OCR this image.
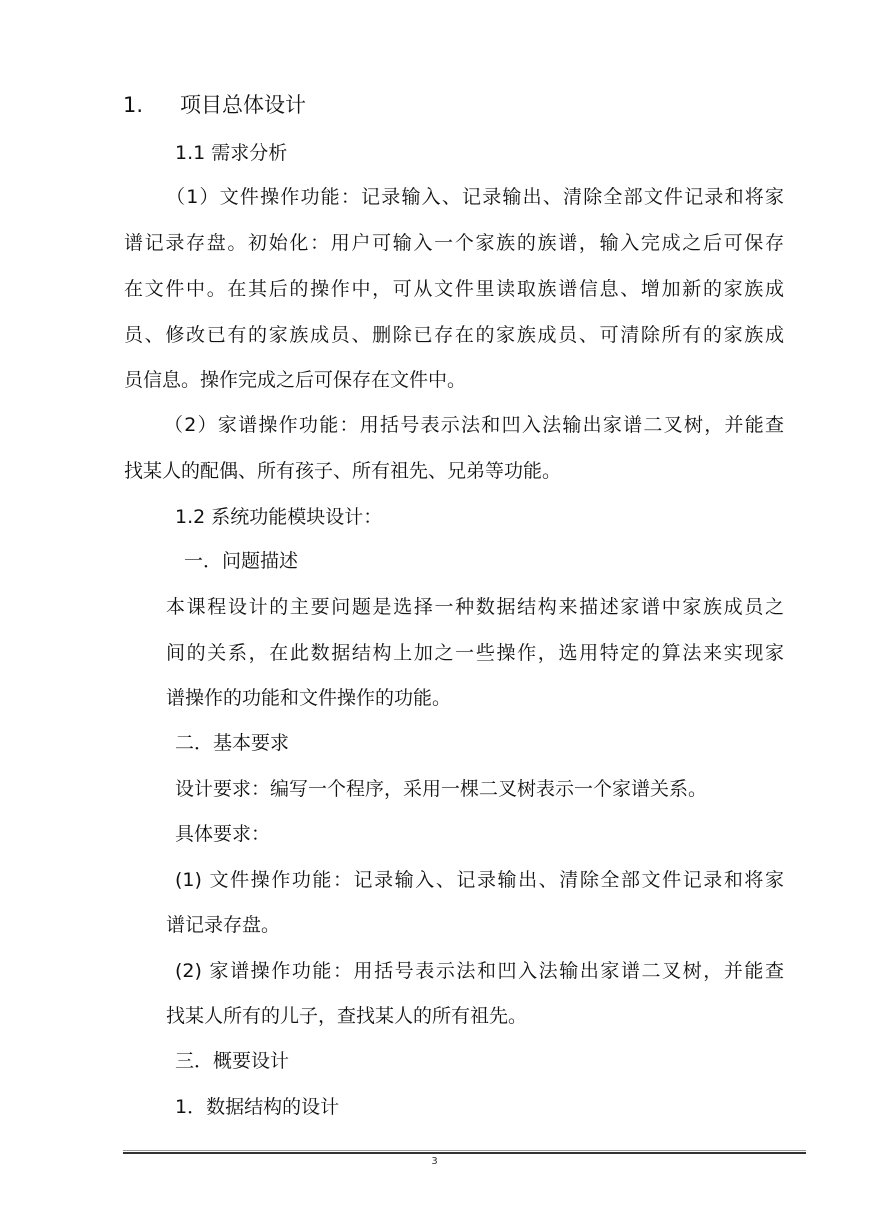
1. 项目总体设计
1.1 需求分析
（1）文件操作功能：记录输入、记录输出、清除全部文件记录和将家
谱记录存盘。初始化：用户可输入一个家族的族谱，输入完成之后可保存
在文件中。在其后的操作中，可从文件里读取族谱信息、增加新的家族成
员、修改已有的家族成员、删除已存在的家族成员、可清除所有的家族成
员信息。操作完成之后可保存在文件中。
（2）家谱操作功能：用括号表示法和凹入法输出家谱二叉树，并能查
找某人的配偶、所有孩子、所有祖先、兄弟等功能。
1.2 系统功能模块设计：
一．问题描述
本课程设计的主要问题是选择一种数据结构来描述家谱中家族成员之
间的关系，在此数据结构上加之一些操作，选用特定的算法来实现家
谱操作的功能和文件操作的功能。
二．基本要求
设计要求：编写一个程序，采用一棵二叉树表示一个家谱关系。
具体要求：
(1) 文件操作功能：记录输入、记录输出、清除全部文件记录和将家
谱记录存盘。
(2) 家谱操作功能：用括号表示法和凹入法输出家谱二叉树，并能查
找某人所有的儿子，查找某人的所有祖先。
三．概要设计
1．数据结构的设计
3
